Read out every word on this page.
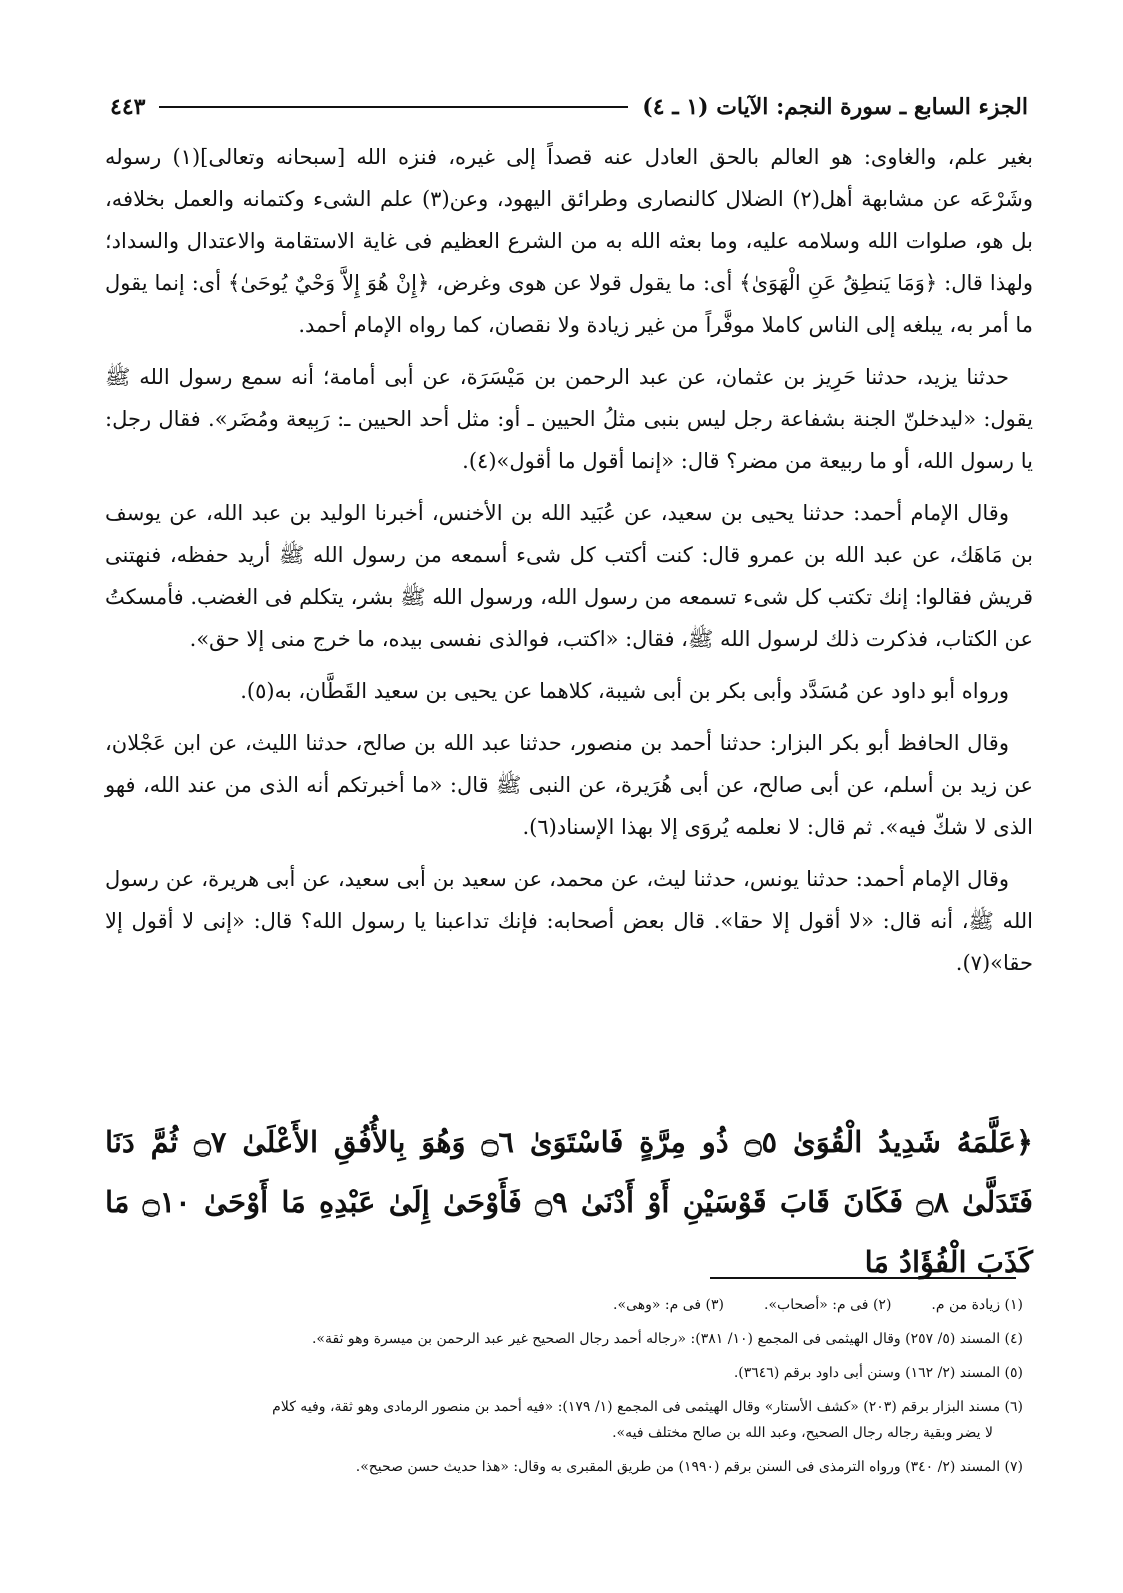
الجزء السابع ـ سورة النجم: الآيات (١ ـ ٤)
٤٤٣

بغير علم، والغاوى: هو العالم بالحق العادل عنه قصداً إلى غيره، فنزه الله [سبحانه وتعالى](١) رسوله وشَرْعَه عن مشابهة أهل(٢) الضلال كالنصارى وطرائق اليهود، وعن(٣) علم الشىء وكتمانه والعمل بخلافه، بل هو، صلوات الله وسلامه عليه، وما بعثه الله به من الشرع العظيم فى غاية الاستقامة والاعتدال والسداد؛ ولهذا قال: ﴿وَمَا يَنطِقُ عَنِ الْهَوَىٰ﴾ أى: ما يقول قولا عن هوى وغرض، ﴿إِنْ هُوَ إِلاَّ وَحْيٌ يُوحَىٰ﴾ أى: إنما يقول ما أمر به، يبلغه إلى الناس كاملا موفَّراً من غير زيادة ولا نقصان، كما رواه الإمام أحمد.

حدثنا يزيد، حدثنا حَرِيز بن عثمان، عن عبد الرحمن بن مَيْسَرَة، عن أبى أمامة؛ أنه سمع رسول الله ﷺ يقول: «ليدخلنّ الجنة بشفاعة رجل ليس بنبى مثلُ الحيين ـ أو: مثل أحد الحيين ـ: رَبِيعة ومُضَر». فقال رجل: يا رسول الله، أو ما ربيعة من مضر؟ قال: «إنما أقول ما أقول»(٤).

وقال الإمام أحمد: حدثنا يحيى بن سعيد، عن عُبَيد الله بن الأخنس، أخبرنا الوليد بن عبد الله، عن يوسف بن مَاهَك، عن عبد الله بن عمرو قال: كنت أكتب كل شىء أسمعه من رسول الله ﷺ أريد حفظه، فنهتنى قريش فقالوا: إنك تكتب كل شىء تسمعه من رسول الله، ورسول الله ﷺ بشر، يتكلم فى الغضب. فأمسكتُ عن الكتاب، فذكرت ذلك لرسول الله ﷺ، فقال: «اكتب، فوالذى نفسى بيده، ما خرج منى إلا حق».

ورواه أبو داود عن مُسَدَّد وأبى بكر بن أبى شيبة، كلاهما عن يحيى بن سعيد القَطَّان، به(٥).

وقال الحافظ أبو بكر البزار: حدثنا أحمد بن منصور، حدثنا عبد الله بن صالح، حدثنا الليث، عن ابن عَجْلان، عن زيد بن أسلم، عن أبى صالح، عن أبى هُرَيرة، عن النبى ﷺ قال: «ما أخبرتكم أنه الذى من عند الله، فهو الذى لا شكّ فيه». ثم قال: لا نعلمه يُروَى إلا بهذا الإسناد(٦).

وقال الإمام أحمد: حدثنا يونس، حدثنا ليث، عن محمد، عن سعيد بن أبى سعيد، عن أبى هريرة، عن رسول الله ﷺ، أنه قال: «لا أقول إلا حقا». قال بعض أصحابه: فإنك تداعبنا يا رسول الله؟ قال: «إنى لا أقول إلا حقا»(٧).

﴿عَلَّمَهُ شَدِيدُ الْقُوَىٰ ۝٥ ذُو مِرَّةٍ فَاسْتَوَىٰ ۝٦ وَهُوَ بِالأُفُقِ الأَعْلَىٰ ۝٧ ثُمَّ دَنَا فَتَدَلَّىٰ ۝٨ فَكَانَ قَابَ قَوْسَيْنِ أَوْ أَدْنَىٰ ۝٩ فَأَوْحَىٰ إِلَىٰ عَبْدِهِ مَا أَوْحَىٰ ۝١٠ مَا كَذَبَ الْفُؤَادُ مَا
(١) زيادة من م.
(٢) فى م: «أصحاب».
(٣) فى م: «وهى».
(٤) المسند (٥/ ٢٥٧) وقال الهيثمى فى المجمع (١٠/ ٣٨١): «رجاله أحمد رجال الصحيح غير عبد الرحمن بن ميسرة وهو ثقة».
(٥) المسند (٢/ ١٦٢) وسنن أبى داود برقم (٣٦٤٦).
(٦) مسند البزار برقم (٢٠٣) «كشف الأستار» وقال الهيثمى فى المجمع (١/ ١٧٩): «فيه أحمد بن منصور الرمادى وهو ثقة، وفيه كلام
لا يضر وبقية رجاله رجال الصحيح، وعبد الله بن صالح مختلف فيه».
(٧) المسند (٢/ ٣٤٠) ورواه الترمذى فى السنن برقم (١٩٩٠) من طريق المقبرى به وقال: «هذا حديث حسن صحيح».
